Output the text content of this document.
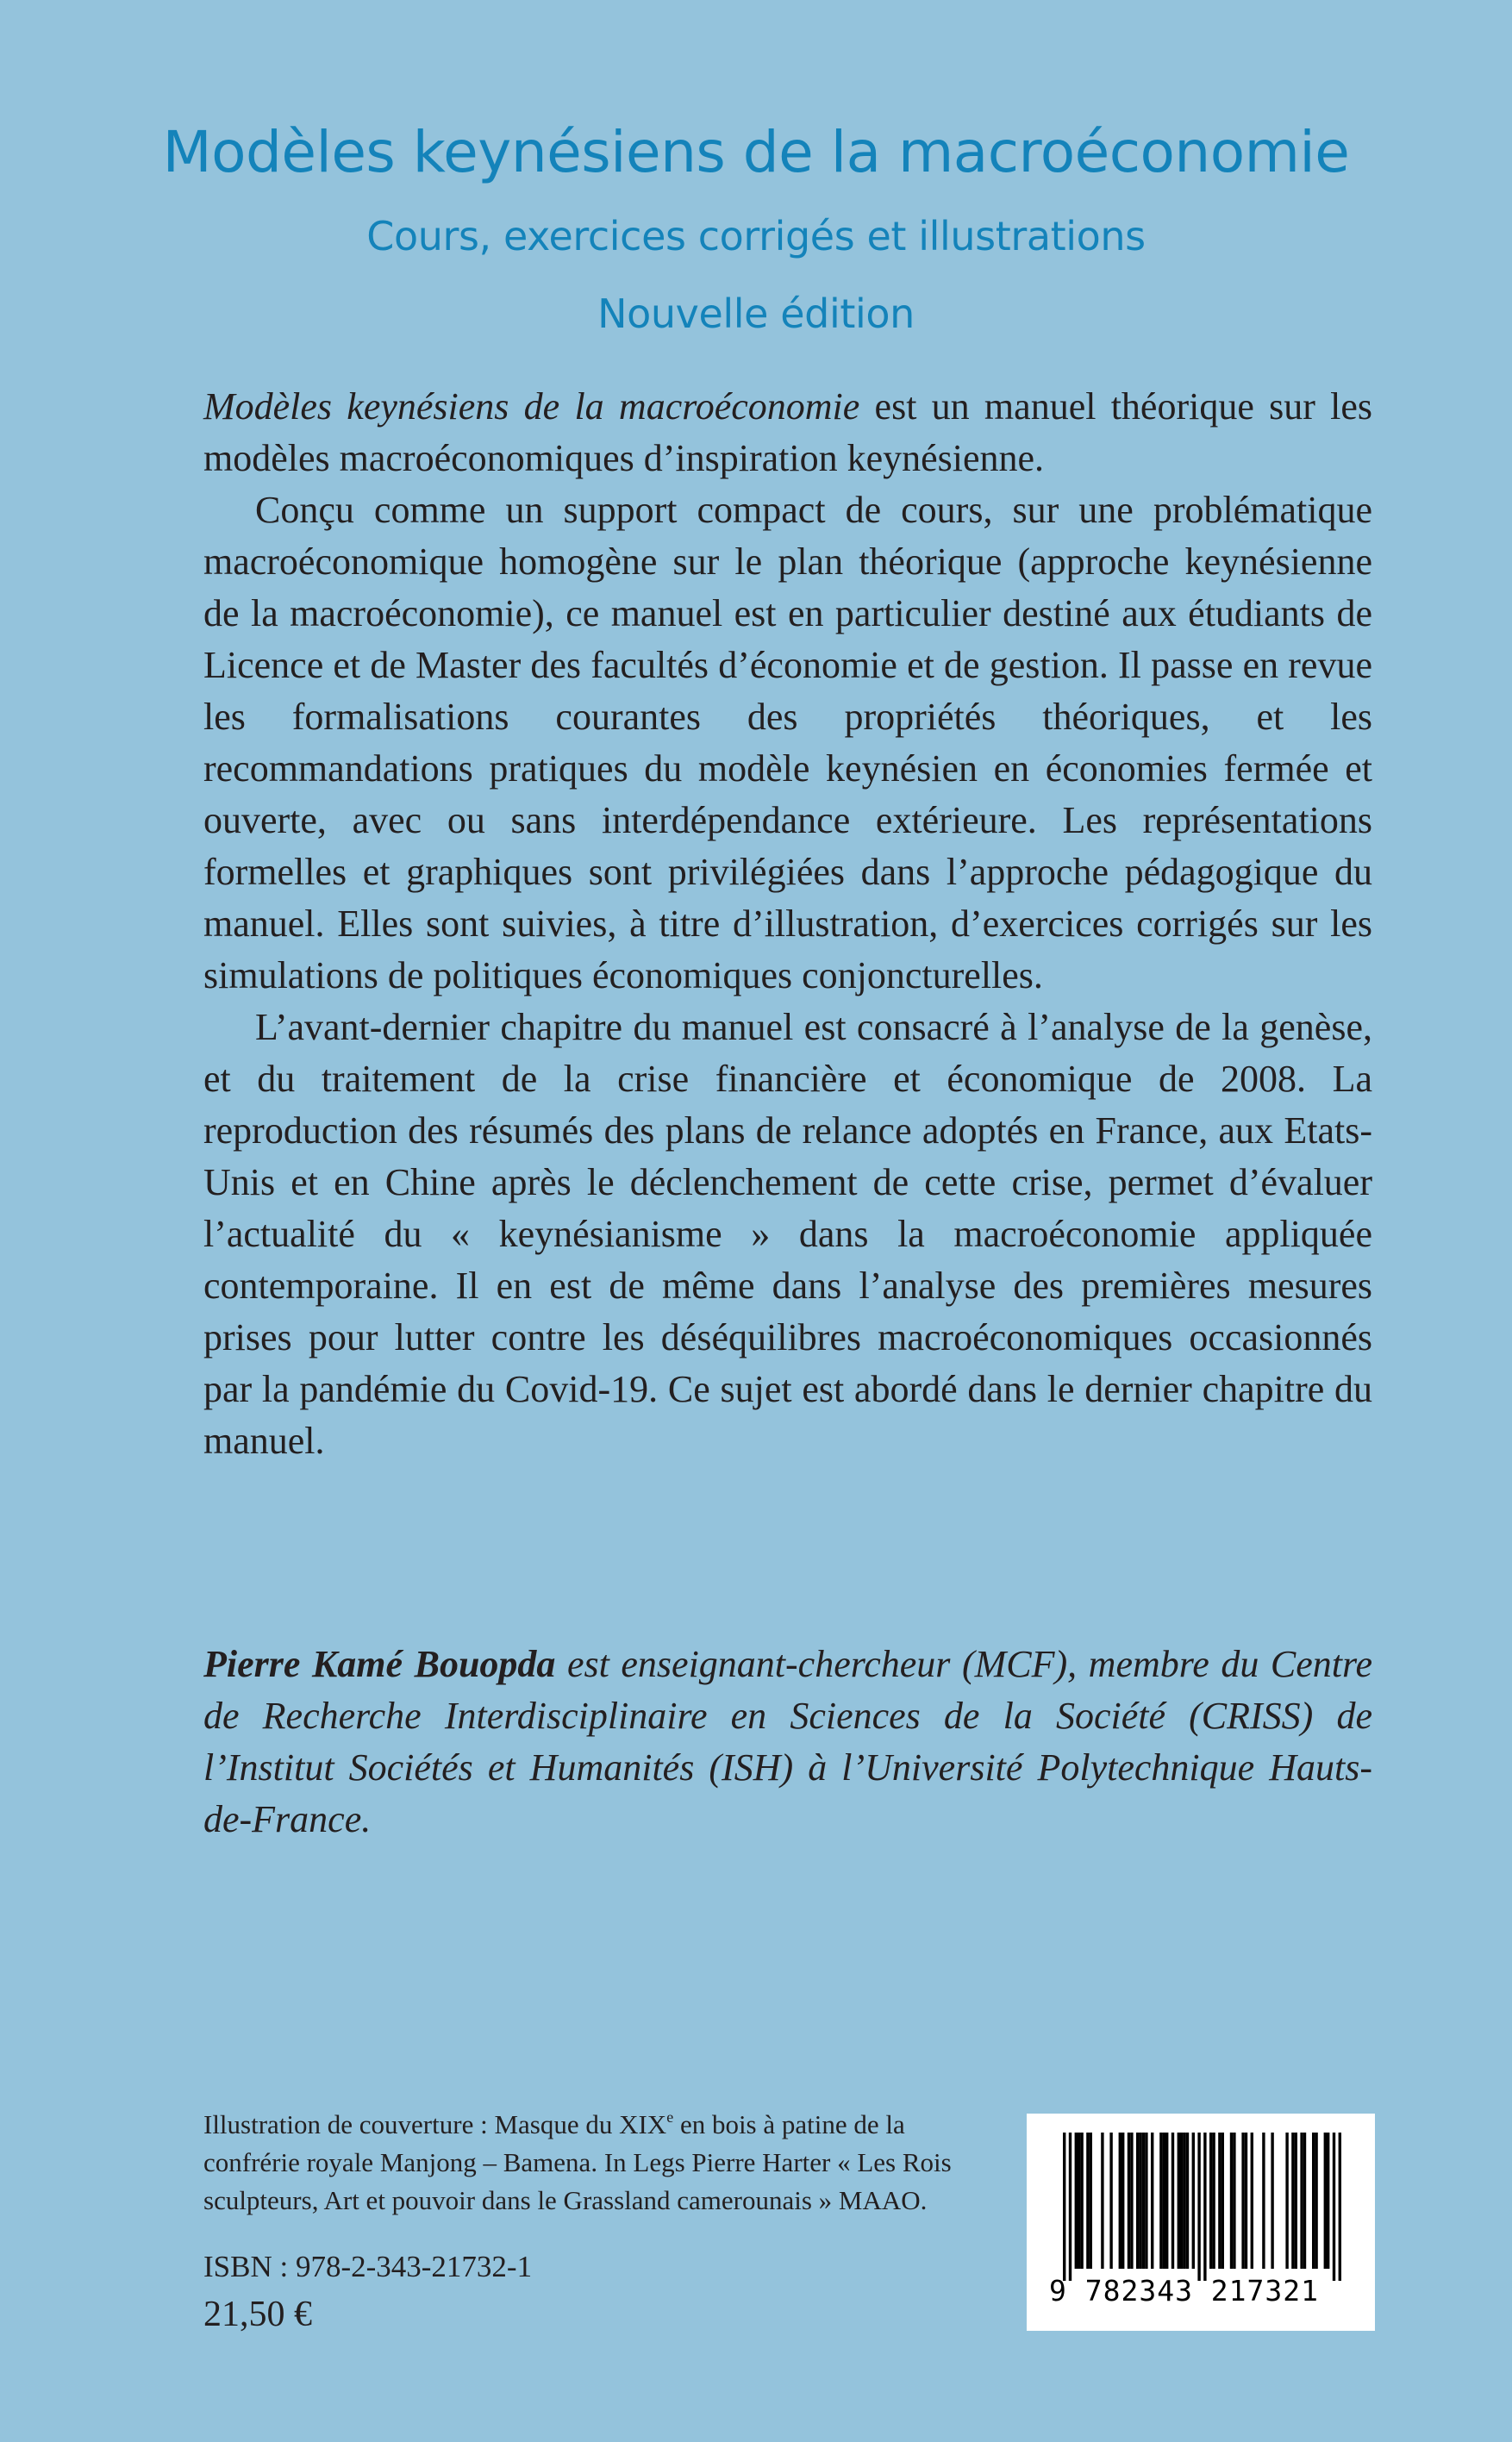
Modèles keynésiens de la macroéconomie
Cours, exercices corrigés et illustrations
Nouvelle édition

Modèles keynésiens de la macroéconomie est un manuel théorique sur les modèles macroéconomiques d’inspiration keynésienne.

Conçu comme un support compact de cours, sur une problématique macroéconomique homogène sur le plan théorique (approche keynésienne de la macroéconomie), ce manuel est en particulier destiné aux étudiants de Licence et de Master des facultés d’économie et de gestion. Il passe en revue les formalisations courantes des propriétés théoriques, et les recommandations pratiques du modèle keynésien en économies fermée et ouverte, avec ou sans interdépendance extérieure. Les représentations formelles et graphiques sont privilégiées dans l’approche pédagogique du manuel. Elles sont suivies, à titre d’illustration, d’exercices corrigés sur les simulations de politiques économiques conjoncturelles.

L’avant-dernier chapitre du manuel est consacré à l’analyse de la genèse, et du traitement de la crise financière et économique de 2008. La reproduction des résumés des plans de relance adoptés en France, aux Etats-Unis et en Chine après le déclenchement de cette crise, permet d’évaluer l’actualité du « keynésianisme » dans la macroéconomie appliquée contemporaine. Il en est de même dans l’analyse des premières mesures prises pour lutter contre les déséquilibres macroéconomiques occasionnés par la pandémie du Covid-19. Ce sujet est abordé dans le dernier chapitre du manuel.

Pierre Kamé Bouopda est enseignant-chercheur (MCF), membre du Centre de Recherche Interdisciplinaire en Sciences de la Société (CRISS) de l’Institut Sociétés et Humanités (ISH) à l’Université Polytechnique Hauts-de-France.

Illustration de couverture : Masque du XIXe en bois à patine de la confrérie royale Manjong – Bamena. In Legs Pierre Harter « Les Rois sculpteurs, Art et pouvoir dans le Grassland camerounais » MAAO.

ISBN : 978-2-343-21732-1

21,50 €

9 782343 217321
